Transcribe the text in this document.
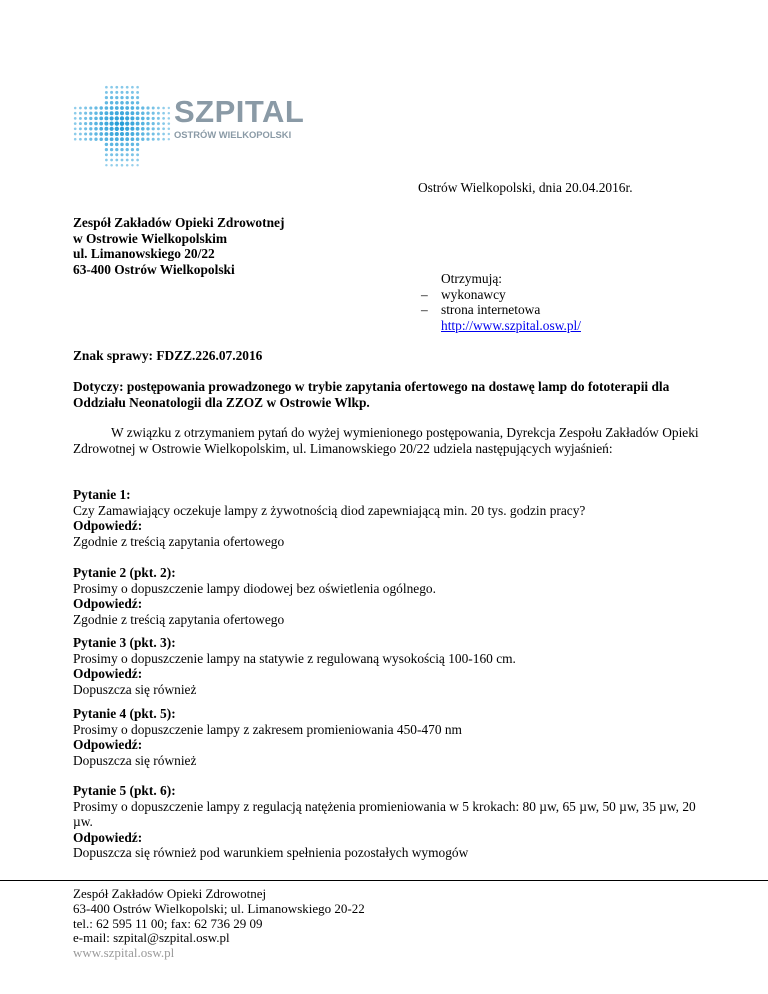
SZPITAL
OSTRÓW WIELKOPOLSKI
Ostrów Wielkopolski, dnia 20.04.2016r.
Zespół Zakładów Opieki Zdrowotnej
w Ostrowie Wielkopolskim
ul. Limanowskiego 20/22
63-400 Ostrów Wielkopolski
Otrzymują:
– wykonawcy
– strona internetowa
http://www.szpital.osw.pl/
Znak sprawy: FDZZ.226.07.2016
Dotyczy: postępowania prowadzonego w trybie zapytania ofertowego na dostawę lamp do fototerapii dla Oddziału Neonatologii dla ZZOZ w Ostrowie Wlkp.
W związku z otrzymaniem pytań do wyżej wymienionego postępowania, Dyrekcja Zespołu Zakładów Opieki Zdrowotnej w Ostrowie Wielkopolskim, ul. Limanowskiego 20/22 udziela następujących wyjaśnień:
Pytanie 1:
Czy Zamawiający oczekuje lampy z żywotnością diod zapewniającą min. 20 tys. godzin pracy?
Odpowiedź:
Zgodnie z treścią zapytania ofertowego
Pytanie 2 (pkt. 2):
Prosimy o dopuszczenie lampy diodowej bez oświetlenia ogólnego.
Odpowiedź:
Zgodnie z treścią zapytania ofertowego
Pytanie 3 (pkt. 3):
Prosimy o dopuszczenie lampy na statywie z regulowaną wysokością 100-160 cm.
Odpowiedź:
Dopuszcza się również
Pytanie 4 (pkt. 5):
Prosimy o dopuszczenie lampy z zakresem promieniowania 450-470 nm
Odpowiedź:
Dopuszcza się również
Pytanie 5 (pkt. 6):
Prosimy o dopuszczenie lampy z regulacją natężenia promieniowania w 5 krokach: 80 µw, 65 µw, 50 µw, 35 µw, 20 µw.
Odpowiedź:
Dopuszcza się również pod warunkiem spełnienia pozostałych wymogów
Zespół Zakładów Opieki Zdrowotnej
63-400 Ostrów Wielkopolski; ul. Limanowskiego 20-22
tel.: 62 595 11 00; fax: 62 736 29 09
e-mail: szpital@szpital.osw.pl
www.szpital.osw.pl
